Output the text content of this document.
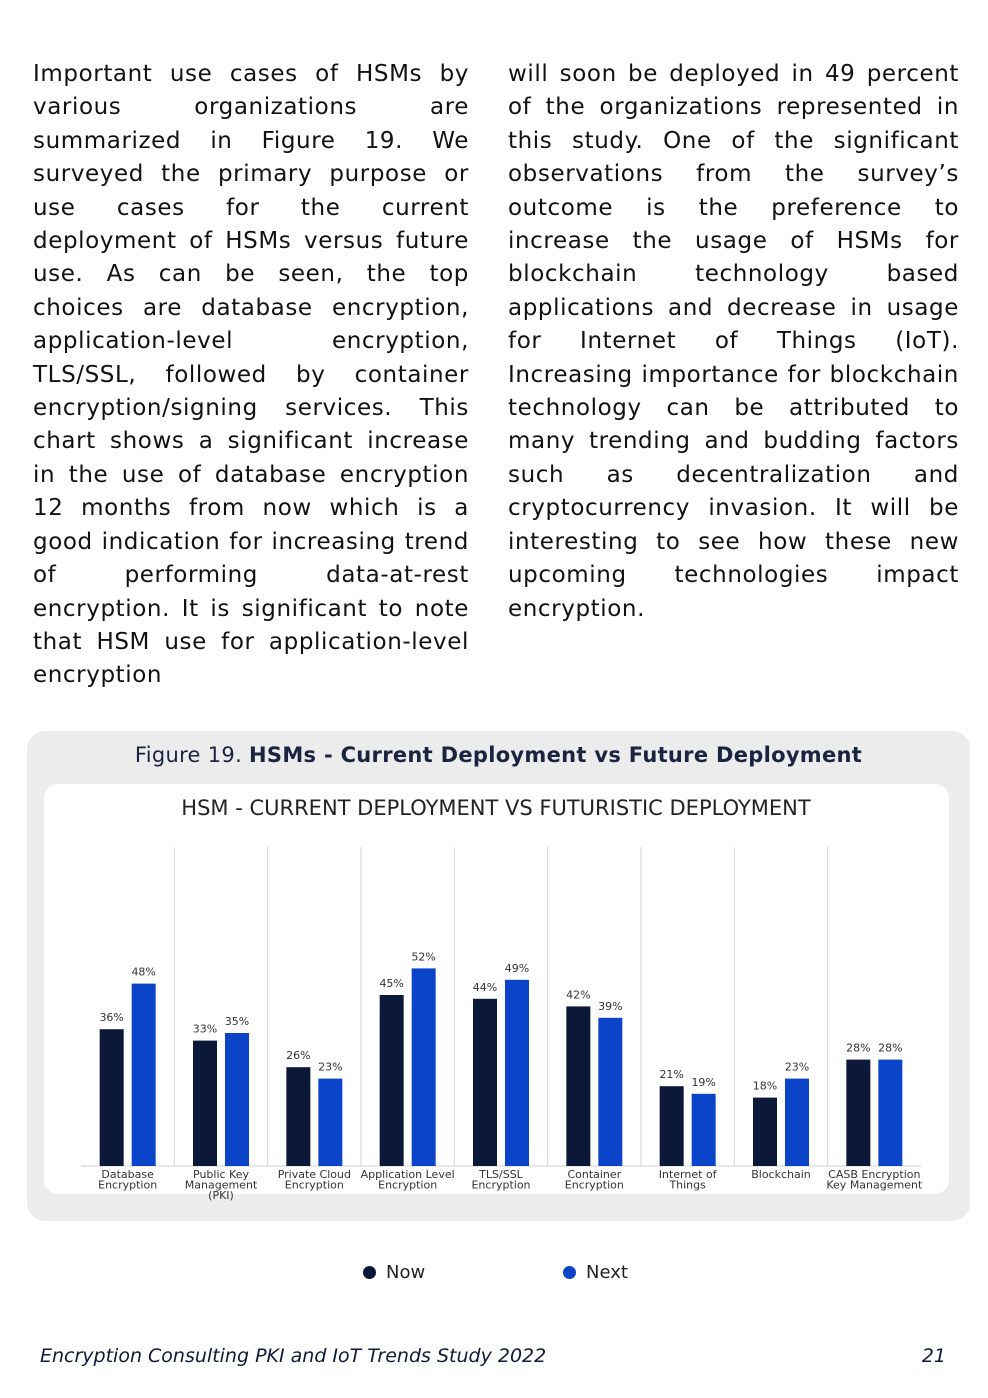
Important use cases of HSMs by various organizations are summarized in Figure 19. We surveyed the primary purpose or use cases for the current deployment of HSMs versus future use. As can be seen, the top choices are database encryption, application-level encryption, TLS/SSL, followed by container encryption/signing services. This chart shows a significant increase in the use of database encryption 12 months from now which is a good indication for increasing trend of performing data-at-rest encryption. It is significant to note that HSM use for application-level encryption

will soon be deployed in 49 percent of the organizations represented in this study. One of the significant observations from the survey’s outcome is the preference to increase the usage of HSMs for blockchain technology based applications and decrease in usage for Internet of Things (IoT). Increasing importance for blockchain technology can be attributed to many trending and budding factors such as decentralization and cryptocurrency invasion. It will be interesting to see how these new upcoming technologies impact encryption.

Figure 19. HSMs - Current Deployment vs Future Deployment
HSM - CURRENT DEPLOYMENT VS FUTURISTIC DEPLOYMENT
36%
48%
Database
Encryption
33%
35%
Public Key
Management
(PKI)
26%
23%
Private Cloud
Encryption
45%
52%
Application Level
Encryption
44%
49%
TLS/SSL
Encryption
42%
39%
Container
Encryption
21%
19%
Internet of
Things
18%
23%
Blockchain
28% 28%
CASB Encryption
Key Management
Now	Next
Encryption Consulting PKI and IoT Trends Study 2022	21
